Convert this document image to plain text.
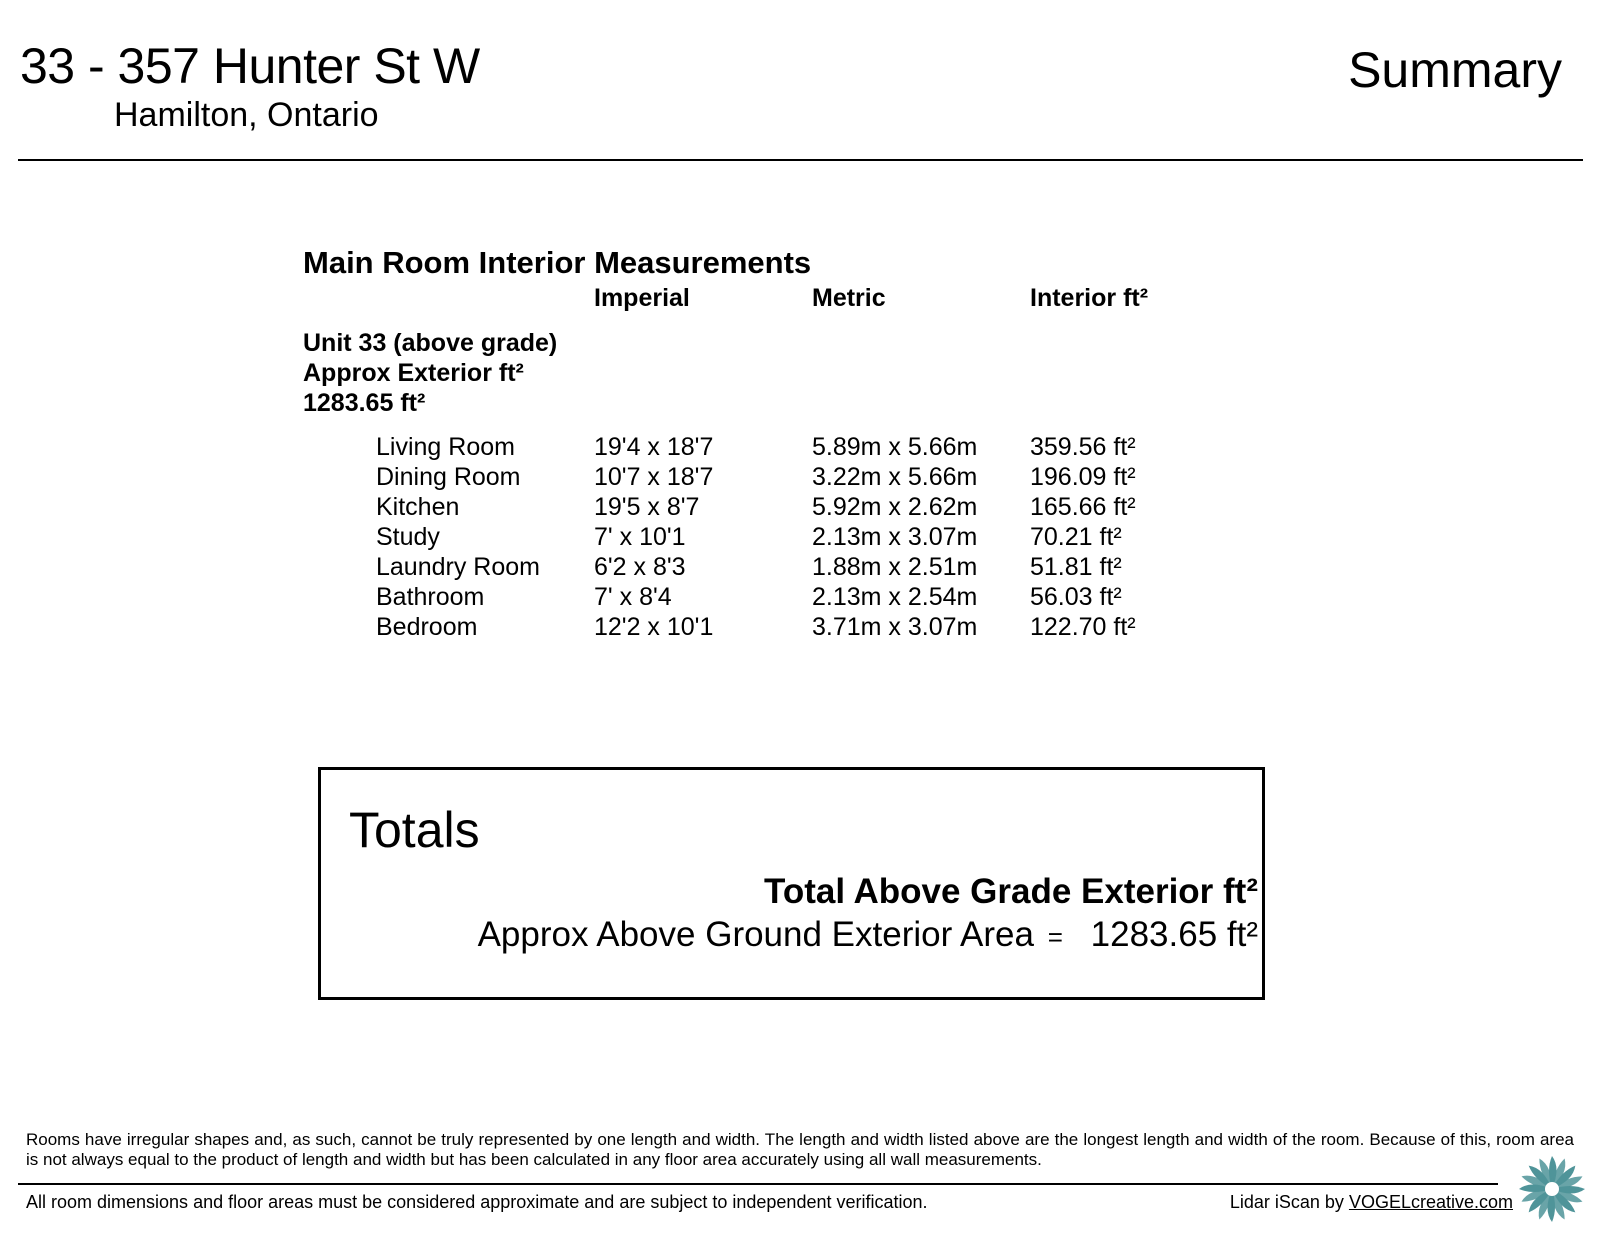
33 - 357 Hunter St W
Hamilton, Ontario
Summary
Main Room Interior Measurements
Imperial	Metric	Interior ft²
Unit 33 (above grade)
Approx Exterior ft²
1283.65 ft²
Living Room	19'4 x 18'7	5.89m x 5.66m 359.56 ft²
Dining Room	10'7 x 18'7	3.22m x 5.66m 196.09 ft²
Kitchen	19'5 x 8'7	5.92m x 2.62m 165.66 ft²
Study	7' x 10'1	2.13m x 3.07m 70.21 ft²
Laundry Room 6'2 x 8'3	1.88m x 2.51m 51.81 ft²
Bathroom	7' x 8'4	2.13m x 2.54m 56.03 ft²
Bedroom	12'2 x 10'1	3.71m x 3.07m 122.70 ft²
Totals
Total Above Grade Exterior ft²
Approx Above Ground Exterior Area = 1283.65 ft²
Rooms have irregular shapes and, as such, cannot be truly represented by one length and width. The length and width listed above are the longest length and width of the room. Because of this, room area is not always equal to the product of length and width but has been calculated in any floor area accurately using all wall measurements.
All room dimensions and floor areas must be considered approximate and are subject to independent verification.	Lidar iScan by VOGELcreative.com
